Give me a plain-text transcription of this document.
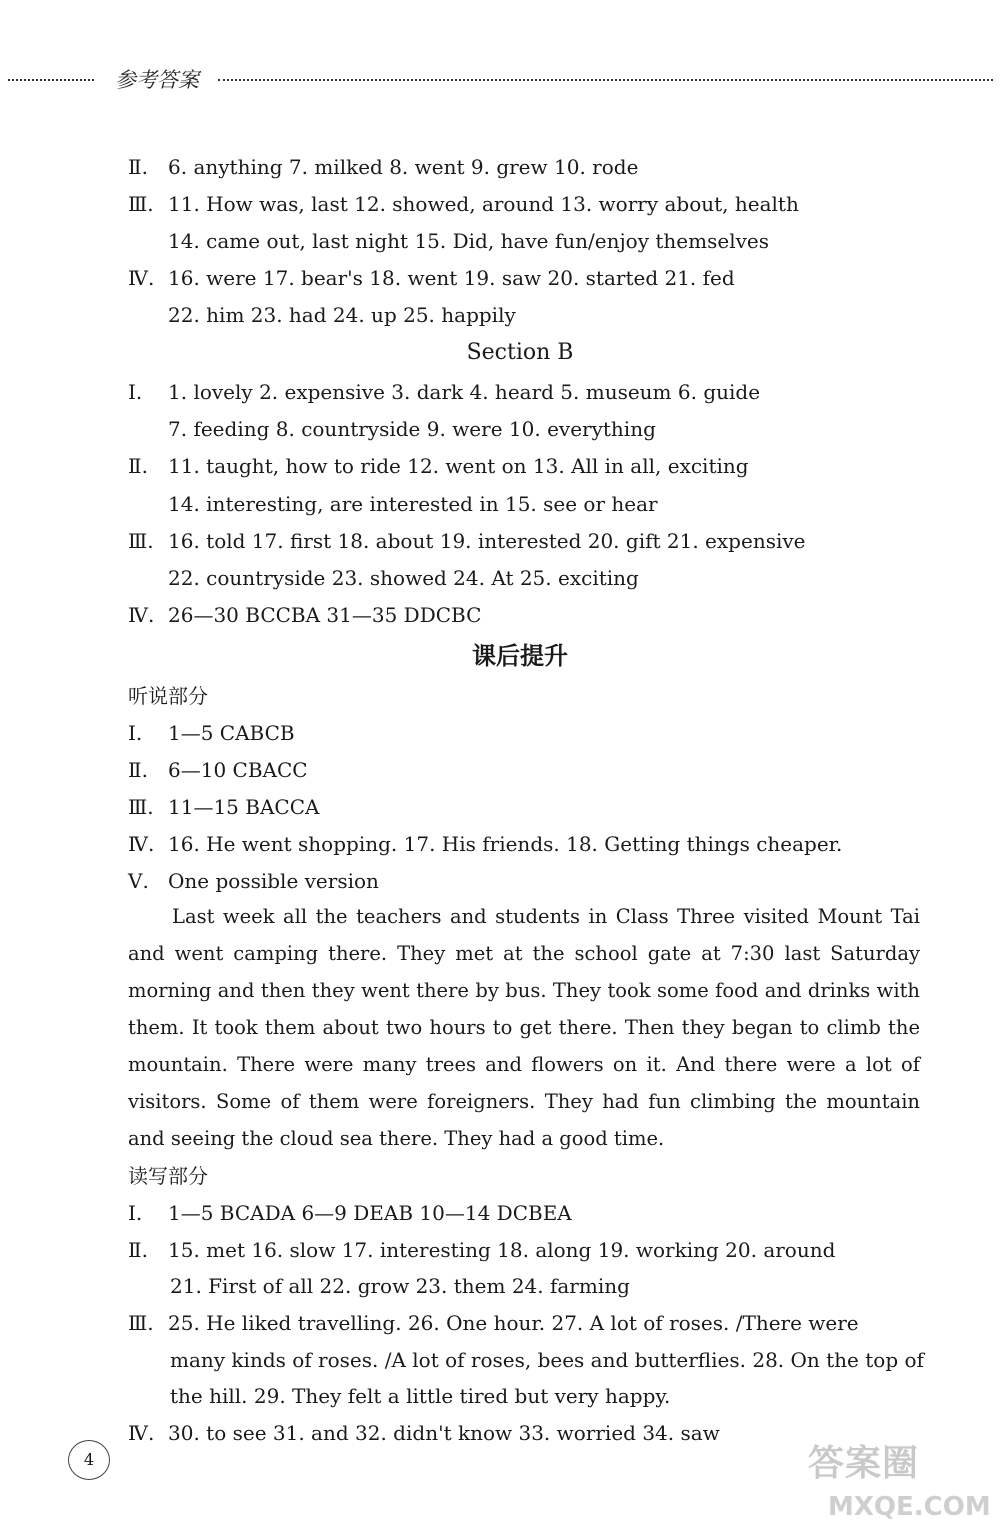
参考答案
Ⅱ. 6. anything 7. milked 8. went 9. grew 10. rode
Ⅲ. 11. How was, last 12. showed, around 13. worry about, health
14. came out, last night 15. Did, have fun/enjoy themselves
Ⅳ. 16. were 17. bear's 18. went 19. saw 20. started 21. fed
22. him 23. had 24. up 25. happily
Section B
Ⅰ. 1. lovely 2. expensive 3. dark 4. heard 5. museum 6. guide
7. feeding 8. countryside 9. were 10. everything
Ⅱ. 11. taught, how to ride 12. went on 13. All in all, exciting
14. interesting, are interested in 15. see or hear
Ⅲ. 16. told 17. first 18. about 19. interested 20. gift 21. expensive
22. countryside 23. showed 24. At 25. exciting
Ⅳ. 26—30 BCCBA 31—35 DDCBC
课后提升
听说部分
Ⅰ. 1—5 CABCB
Ⅱ. 6—10 CBACC
Ⅲ. 11—15 BACCA
Ⅳ. 16. He went shopping. 17. His friends. 18. Getting things cheaper.
Ⅴ. One possible version
Last week all the teachers and students in Class Three visited Mount Tai and went camping there. They met at the school gate at 7:30 last Saturday morning and then they went there by bus. They took some food and drinks with them. It took them about two hours to get there. Then they began to climb the mountain. There were many trees and flowers on it. And there were a lot of visitors. Some of them were foreigners. They had fun climbing the mountain and seeing the cloud sea there. They had a good time.
读写部分
Ⅰ. 1—5 BCADA 6—9 DEAB 10—14 DCBEA
Ⅱ. 15. met 16. slow 17. interesting 18. along 19. working 20. around
21. First of all 22. grow 23. them 24. farming
Ⅲ. 25. He liked travelling. 26. One hour. 27. A lot of roses. /There were
many kinds of roses. /A lot of roses, bees and butterflies. 28. On the top of
the hill. 29. They felt a little tired but very happy.
Ⅳ. 30. to see 31. and 32. didn't know 33. worried 34. saw
4	答案圈
MXQE.COM
